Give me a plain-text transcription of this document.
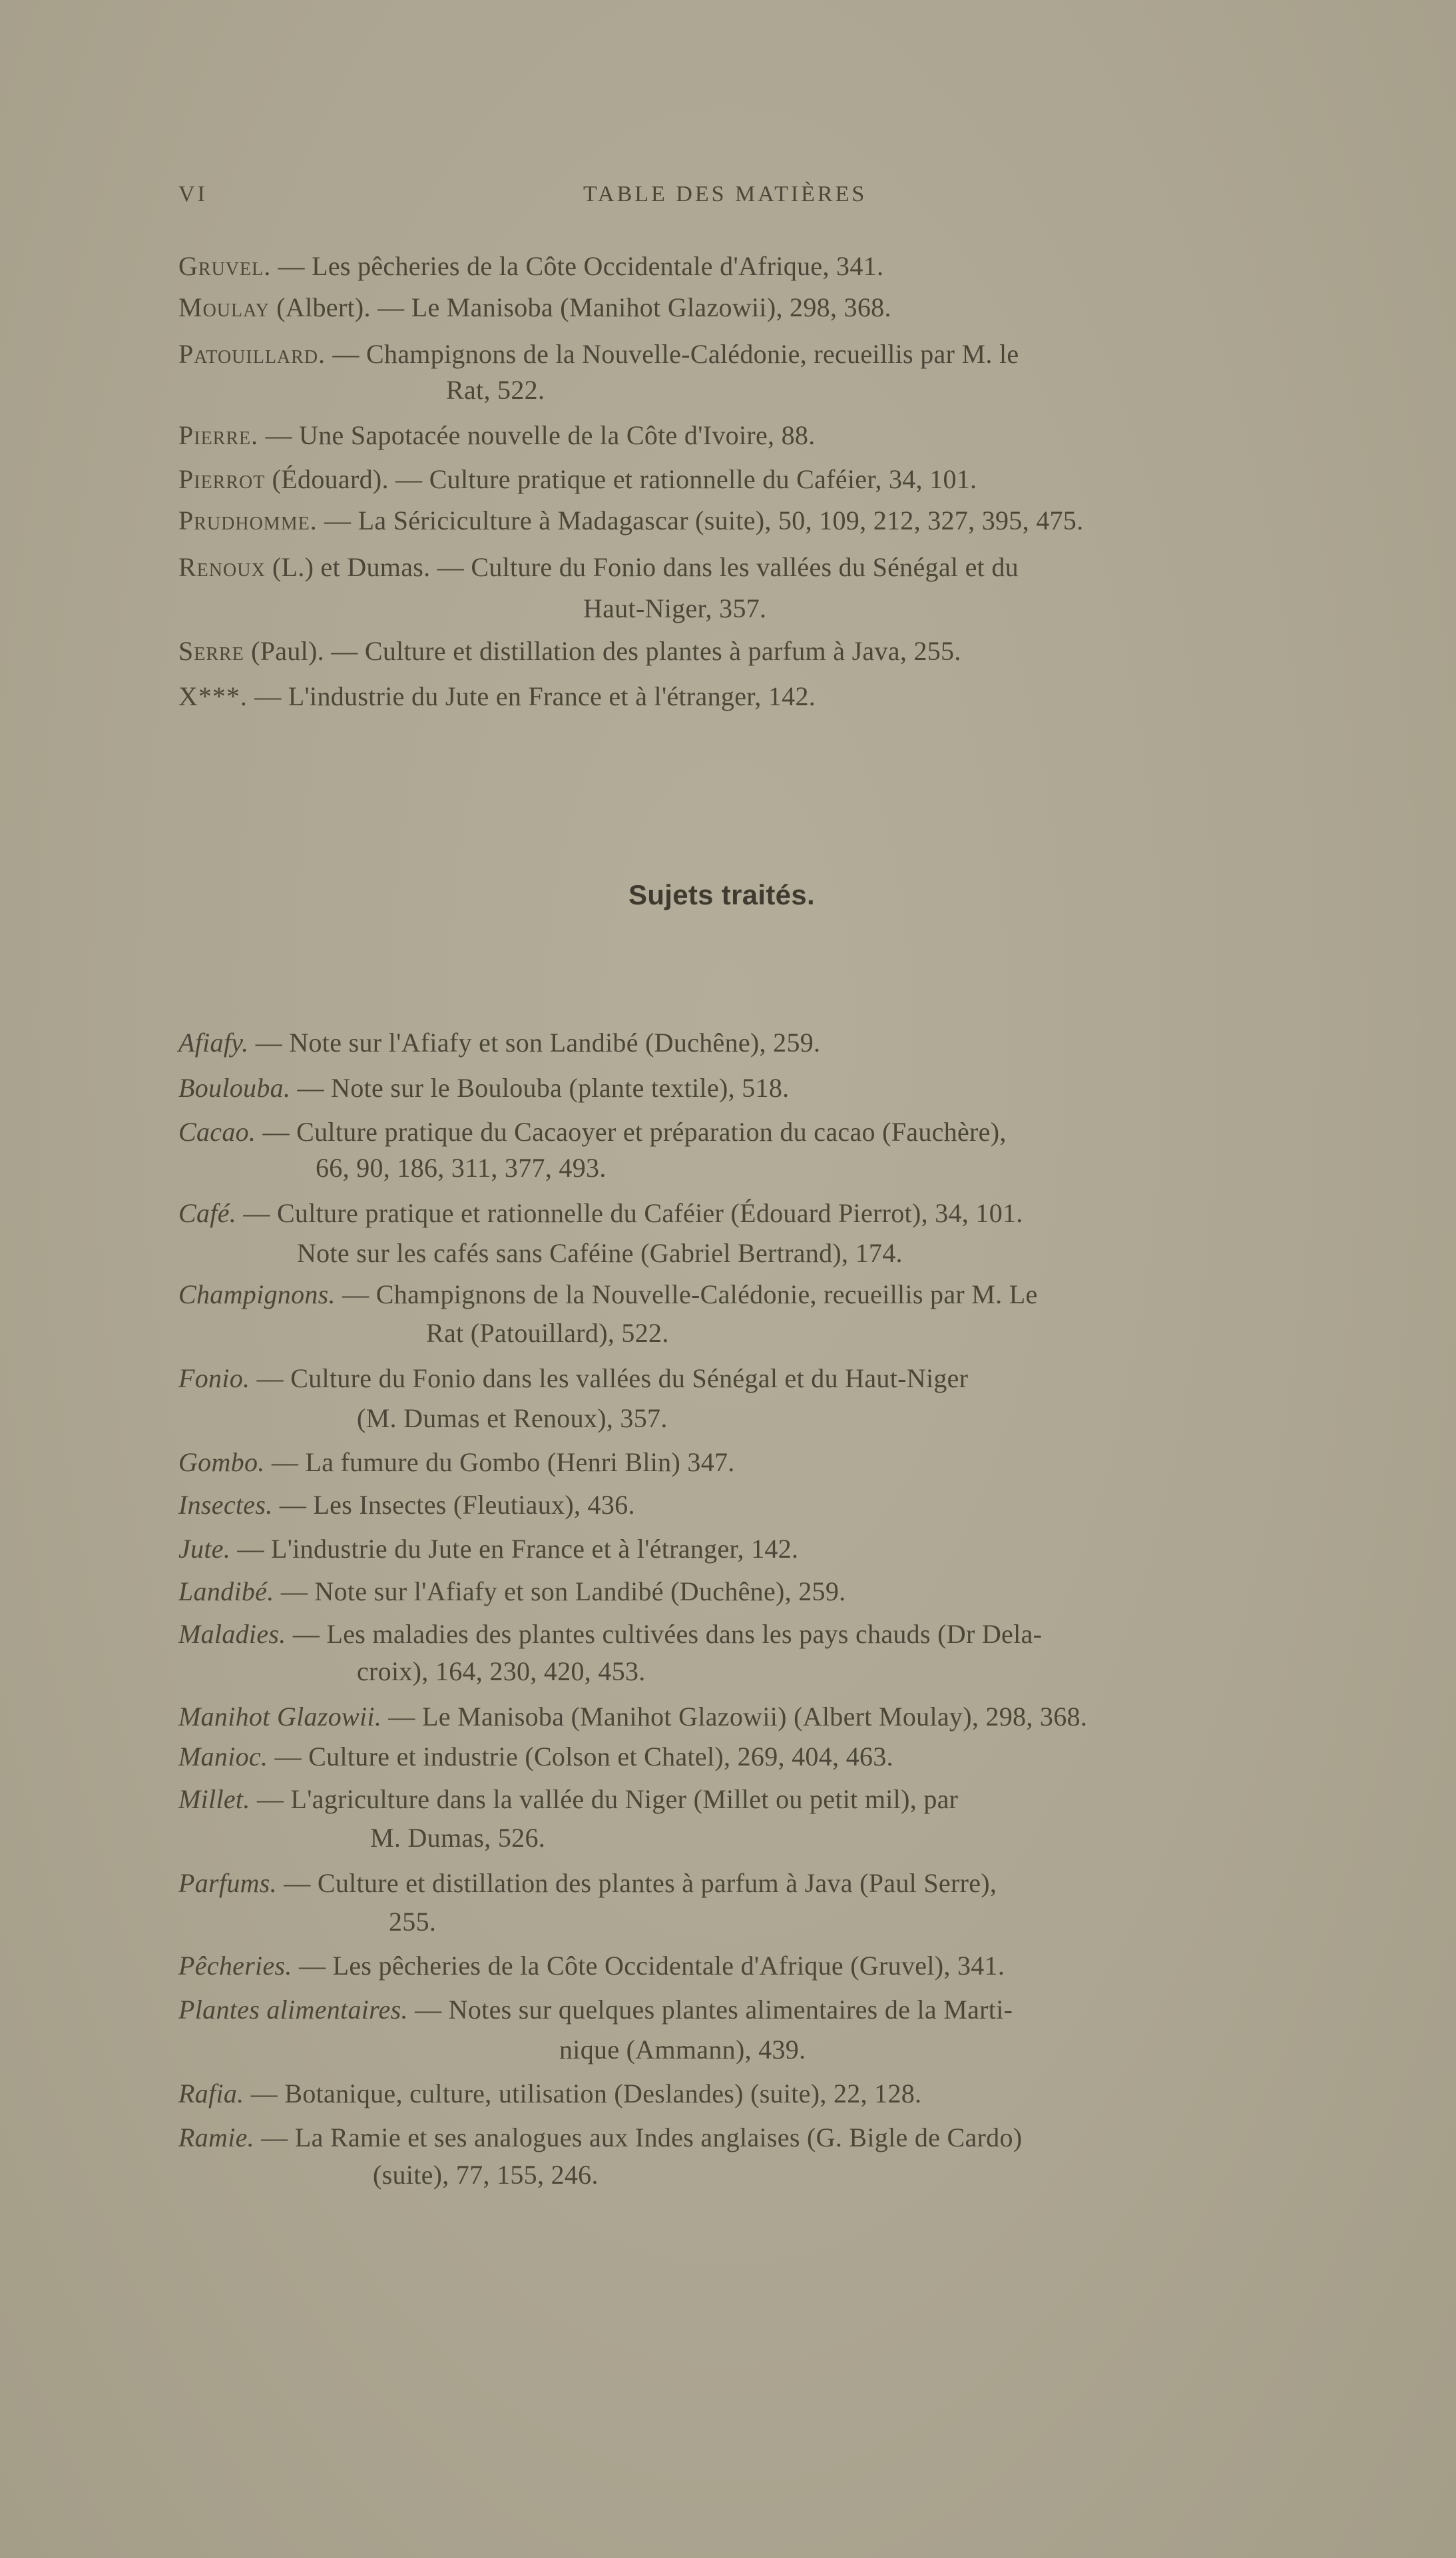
VI	TABLE DES MATIÈRES
Gruvel. — Les pêcheries de la Côte Occidentale d'Afrique, 341.
Moulay (Albert). — Le Manisoba (Manihot Glazowii), 298, 368.
Patouillard. — Champignons de la Nouvelle-Calédonie, recueillis par M. le
Rat, 522.
Pierre. — Une Sapotacée nouvelle de la Côte d'Ivoire, 88.
Pierrot (Édouard). — Culture pratique et rationnelle du Caféier, 34, 101.
Prudhomme. — La Sériciculture à Madagascar (suite), 50, 109, 212, 327, 395, 475.
Renoux (L.) et Dumas. — Culture du Fonio dans les vallées du Sénégal et du
Haut-Niger, 357.
Serre (Paul). — Culture et distillation des plantes à parfum à Java, 255.
X***. — L'industrie du Jute en France et à l'étranger, 142.
Sujets traités.
Afiafy. — Note sur l'Afiafy et son Landibé (Duchêne), 259.
Boulouba. — Note sur le Boulouba (plante textile), 518.
Cacao. — Culture pratique du Cacaoyer et préparation du cacao (Fauchère),
66, 90, 186, 311, 377, 493.
Café. — Culture pratique et rationnelle du Caféier (Édouard Pierrot), 34, 101.
Note sur les cafés sans Caféine (Gabriel Bertrand), 174.
Champignons. — Champignons de la Nouvelle-Calédonie, recueillis par M. Le
Rat (Patouillard), 522.
Fonio. — Culture du Fonio dans les vallées du Sénégal et du Haut-Niger
(M. Dumas et Renoux), 357.
Gombo. — La fumure du Gombo (Henri Blin) 347.
Insectes. — Les Insectes (Fleutiaux), 436.
Jute. — L'industrie du Jute en France et à l'étranger, 142.
Landibé. — Note sur l'Afiafy et son Landibé (Duchêne), 259.
Maladies. — Les maladies des plantes cultivées dans les pays chauds (Dr Dela-
croix), 164, 230, 420, 453.
Manihot Glazowii. — Le Manisoba (Manihot Glazowii) (Albert Moulay), 298, 368.
Manioc. — Culture et industrie (Colson et Chatel), 269, 404, 463.
Millet. — L'agriculture dans la vallée du Niger (Millet ou petit mil), par
M. Dumas, 526.
Parfums. — Culture et distillation des plantes à parfum à Java (Paul Serre),
255.
Pêcheries. — Les pêcheries de la Côte Occidentale d'Afrique (Gruvel), 341.
Plantes alimentaires. — Notes sur quelques plantes alimentaires de la Marti-
nique (Ammann), 439.
Rafia. — Botanique, culture, utilisation (Deslandes) (suite), 22, 128.
Ramie. — La Ramie et ses analogues aux Indes anglaises (G. Bigle de Cardo)
(suite), 77, 155, 246.
